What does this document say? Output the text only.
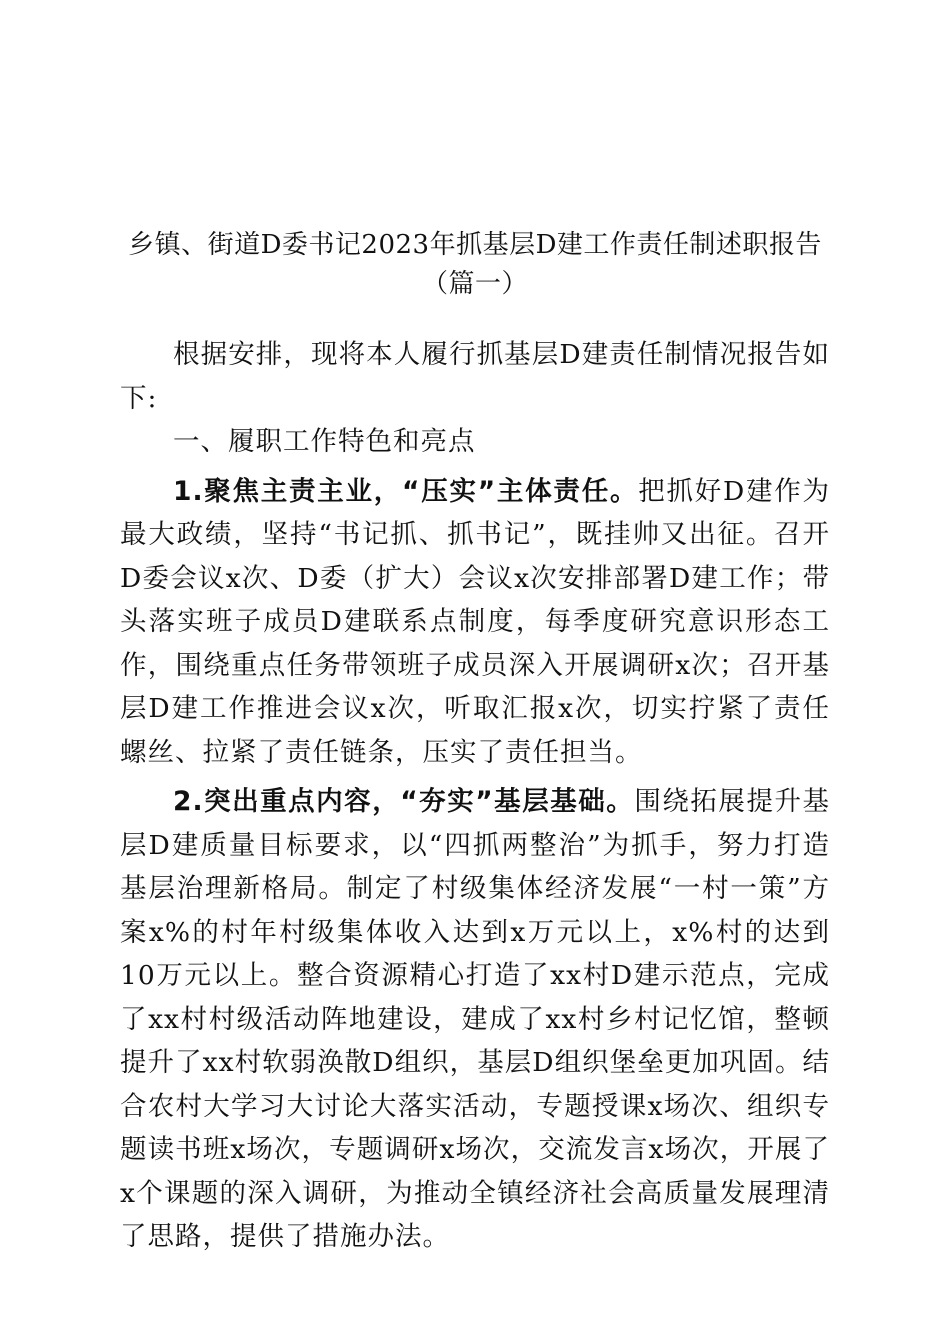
乡镇、街道D委书记2023年抓基层D建工作责任制述职报告
（篇一）

根据安排，现将本人履行抓基层D建责任制情况报告如下:

一、履职工作特色和亮点

1.聚焦主责主业，“压实”主体责任。把抓好D建作为最大政绩，坚持“书记抓、抓书记”，既挂帅又出征。召开D委会议x次、D委（扩大）会议x次安排部署D建工作；带头落实班子成员D建联系点制度，每季度研究意识形态工作，围绕重点任务带领班子成员深入开展调研x次；召开基层D建工作推进会议x次，听取汇报x次，切实拧紧了责任螺丝、拉紧了责任链条，压实了责任担当。

2.突出重点内容，“夯实”基层基础。围绕拓展提升基层D建质量目标要求，以“四抓两整治”为抓手，努力打造基层治理新格局。制定了村级集体经济发展“一村一策”方案x%的村年村级集体收入达到x万元以上，x%村的达到10万元以上。整合资源精心打造了xx村D建示范点，完成了xx村村级活动阵地建设，建成了xx村乡村记忆馆，整顿提升了xx村软弱涣散D组织，基层D组织堡垒更加巩固。结合农村大学习大讨论大落实活动，专题授课x场次、组织专题读书班x场次，专题调研x场次，交流发言x场次，开展了x个课题的深入调研，为推动全镇经济社会高质量发展理清了思路，提供了措施办法。
